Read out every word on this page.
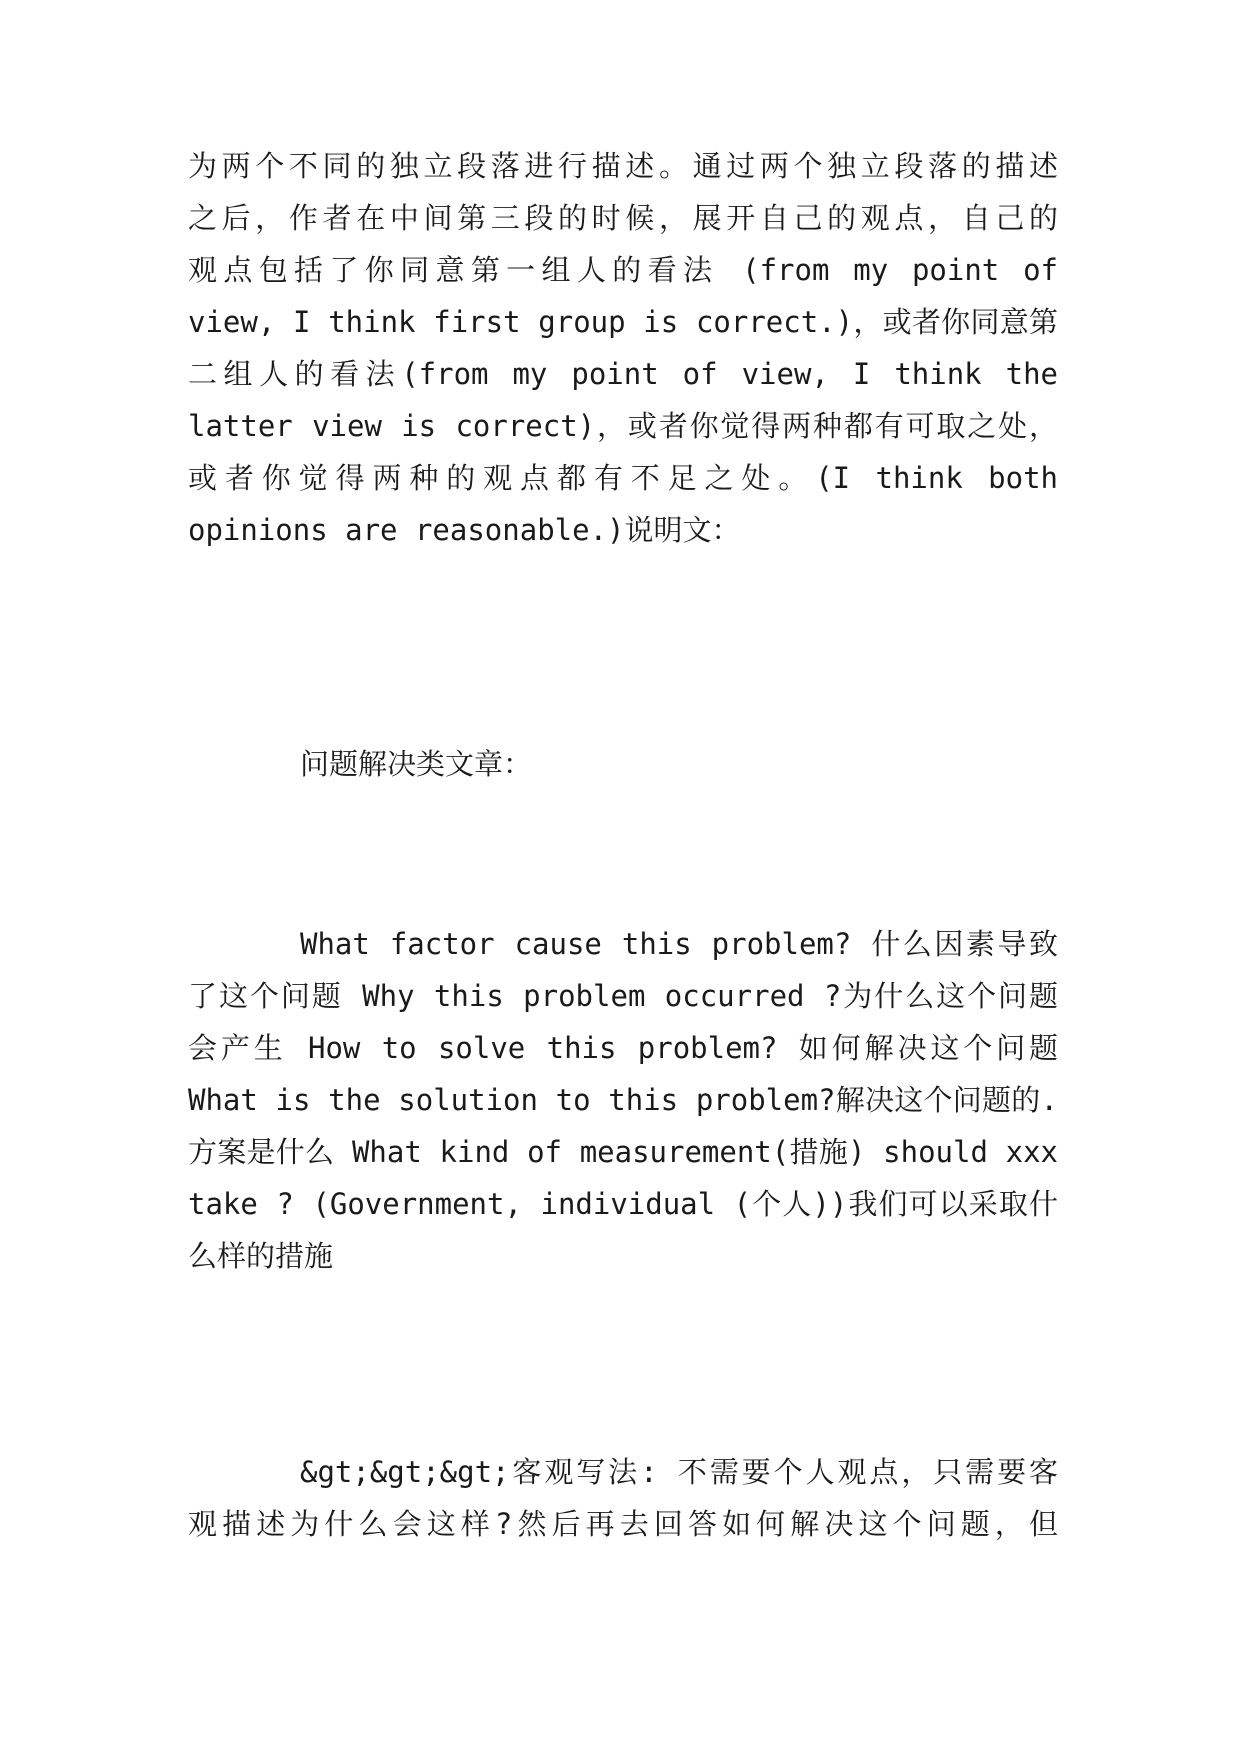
为两个不同的独立段落进行描述。通过两个独立段落的描述
之后，作者在中间第三段的时候，展开自己的观点，自己的
观点包括了你同意第一组人的看法 (from my point of
view, I think first group is correct.)，或者你同意第
二组人的看法(from my point of view, I think the
latter view is correct)，或者你觉得两种都有可取之处，
或者你觉得两种的观点都有不足之处。(I think both
opinions are reasonable.)说明文：
问题解决类文章：
What factor cause this problem? 什么因素导致
了这个问题 Why this problem occurred ?为什么这个问题
会产生 How to solve this problem? 如何解决这个问题
What is the solution to this problem?解决这个问题的.
方案是什么 What kind of measurement(措施) should xxx
take ? (Government, individual (个人))我们可以采取什
么样的措施
&gt;&gt;&gt;客观写法: 不需要个人观点，只需要客
观描述为什么会这样?然后再去回答如何解决这个问题，但
